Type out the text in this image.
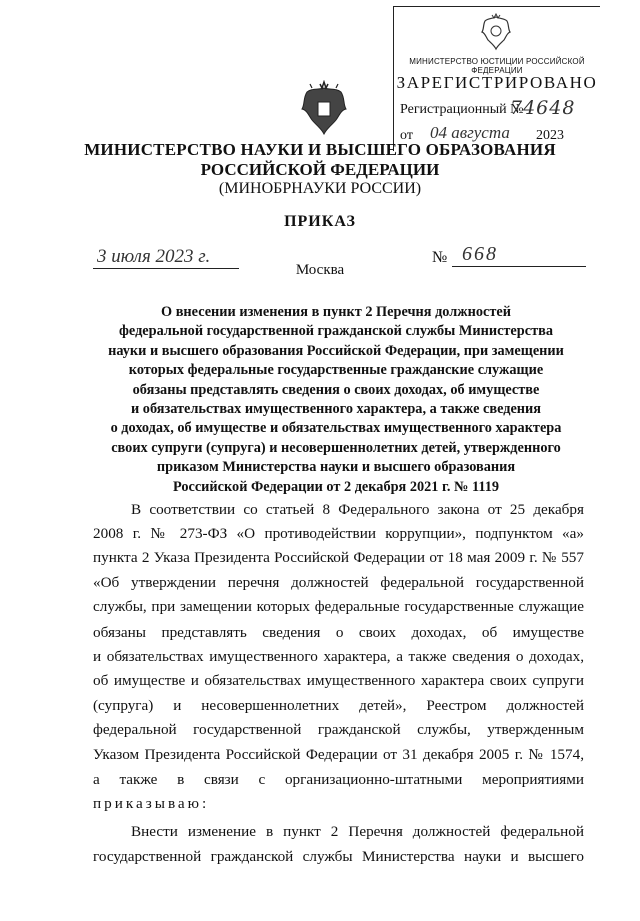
МИНИСТЕРСТВО ЮСТИЦИИ РОССИЙСКОЙ ФЕДЕРАЦИИ
ЗАРЕГИСТРИРОВАНО
Регистрационный №
74648
от 04 августа 2023
МИНИСТЕРСТВО НАУКИ И ВЫСШЕГО ОБРАЗОВАНИЯ
РОССИЙСКОЙ ФЕДЕРАЦИИ
(МИНОБРНАУКИ РОССИИ)
ПРИКАЗ
3 июля 2023 г.	№ 668
Москва
О внесении изменения в пункт 2 Перечня должностей
федеральной государственной гражданской службы Министерства
науки и высшего образования Российской Федерации, при замещении
которых федеральные государственные гражданские служащие
обязаны представлять сведения о своих доходах, об имуществе
и обязательствах имущественного характера, а также сведения
о доходах, об имуществе и обязательствах имущественного характера
своих супруги (супруга) и несовершеннолетних детей, утвержденного
приказом Министерства науки и высшего образования
Российской Федерации от 2 декабря 2021 г. № 1119
В соответствии со статьей 8 Федерального закона от 25 декабря
2008 г. № 273-ФЗ «О противодействии коррупции», подпунктом «а»
пункта 2 Указа Президента Российской Федерации от 18 мая 2009 г. № 557
«Об утверждении перечня должностей федеральной государственной
службы, при замещении которых федеральные государственные служащие
обязаны представлять сведения о своих доходах, об имуществе
и обязательствах имущественного характера, а также сведения о доходах,
об имуществе и обязательствах имущественного характера своих супруги
(супруга) и несовершеннолетних детей», Реестром должностей
федеральной государственной гражданской службы, утвержденным
Указом Президента Российской Федерации от 31 декабря 2005 г. № 1574,
а также в связи с организационно-штатными мероприятиями
приказываю:
Внести изменение в пункт 2 Перечня должностей федеральной
государственной гражданской службы Министерства науки и высшего
